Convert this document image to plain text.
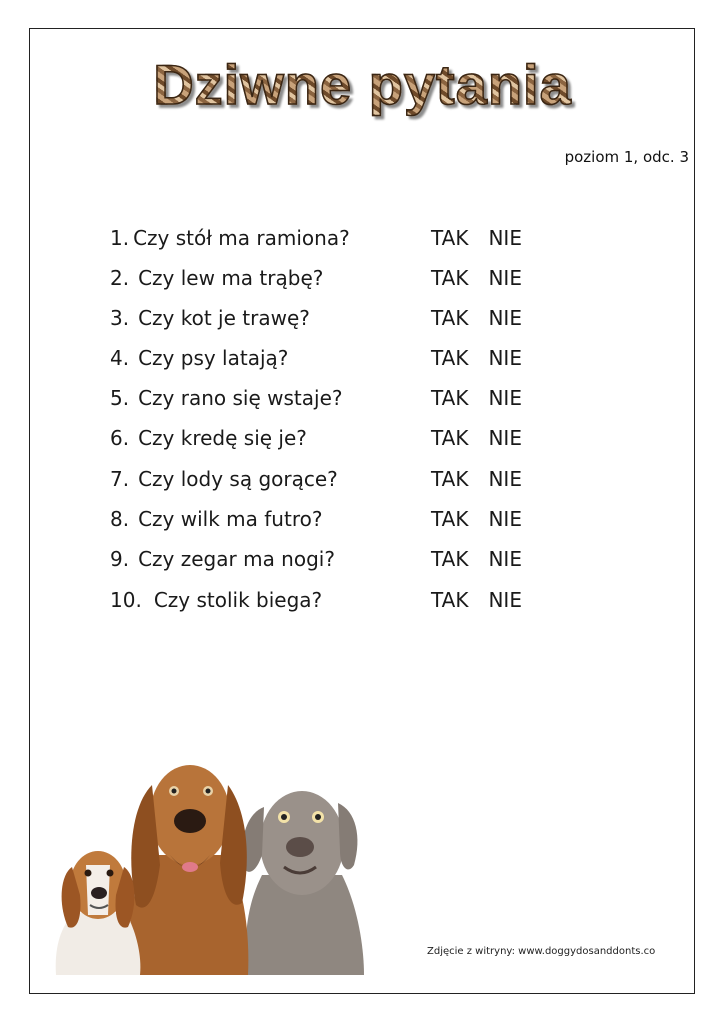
Dziwne pytania
poziom 1, odc. 3
1. Czy stół ma ramiona?
2. Czy lew ma trąbę?
3. Czy kot je trawę?
4. Czy psy latają?
5. Czy rano się wstaje?
6. Czy kredę się je?
7. Czy lody są gorące?
8. Czy wilk ma futro?
9. Czy zegar ma nogi?
10. Czy stolik biega?
TAK NIE
TAK NIE
TAK NIE
TAK NIE
TAK NIE
TAK NIE
TAK NIE
TAK NIE
TAK NIE
TAK NIE
Zdjęcie z witryny: www.doggydosanddonts.co
